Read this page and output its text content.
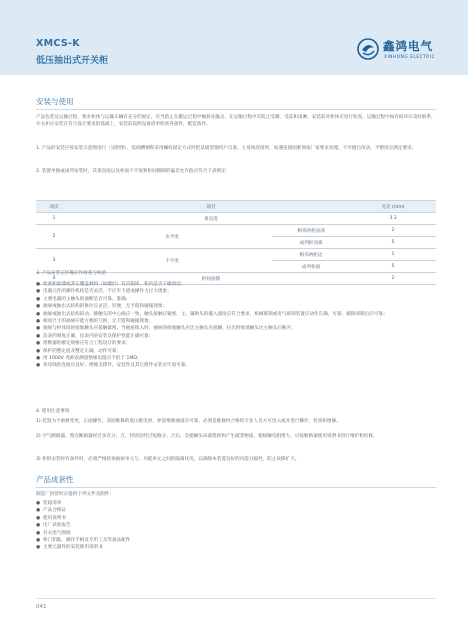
XMCS-K
低压抽出式开关柜
鑫鸿电气
XINHONG ELECTRIC
安装与使用
产品包装及运输过程，要求柜体与运输车辆有充分的固定，应当防止在搬运过程中倾斜及撞击，在运输过程中应防止受潮、受冻和雨淋，安装前对柜体应进行检查，运输过程中如有损坏应及时联系，开关柜应安装在符合设计要求的基础上，安装前按照设备清单检查各部件，配套备件。
1. 产品的安装应按安装示意图进行（见附图），基础槽钢和采用螺栓固定方式时把基础型钢用户自备，主母线连接时，如遇连接困难须按厂家要求处理，不可擅自改动，平整度应满足要求；
2. 装置单独或成列安装时，其垂直度以及柜面不平度和柜间缝隙的偏差允许值应符合下表规定：
项次	项目		允差 (mm)
1	垂直度		3.3
2	水平度	相邻两柜顶部	2
		成列柜顶部	5
3	不平度	相邻两柜边	1
		成列柜面	5
4	柜间接缝		2
3. 产品安装完毕後应作检查与检验
● 检查柜面漆或其它覆盖材料（如镀层）有否损坏，柜内是否干燥清洁；
● 电器元件的操作机构是否灵活，不应有卡涩或操作力过大现象；
● 主要电器的主触头的通断是否可靠、准确；
● 抽屉或抽出式结构的推拉应灵活，轻便，无卡阻和碰撞现象；
● 抽屉或抽出式结构的动、静触头的中心线应一致，触头接触应紧密，主、辅助头的插入深度应符合要求，机械联锁或电气联锁装置应动作正确，可靠，解除闭锁后应可靠；
● 相同尺寸的抽屉应能方便的互换，无卡阻和碰撞现象；
● 抽屉与柜体间的接地触头应接触紧密，当抽屉推入时，抽屉的接地触头应比主触头先接触，拉出时接地触头比主触头后断开；
● 仪表的刻度正确，仪表内的安装及保护性能正确可靠；
● 熔断器的额定规格应符合工程设计的要求；
● 保护的整定值及整定正确，动作可靠；
● 用 1000V 兆欧表测量绝缘电阻应不低于 1MΩ；
● 各母线的连接应良好，绝缘支撑件、安装件及其它附件安装应牢固可靠。
4. 使用注意事项
1) 装置为不重修变更，正面操作，双面维修的低压配电柜，柜前维修通道应可靠，必须是维修时合格的专业人员方可进入或并进行操作，检查和维修。
2) 空气断路器、塑壳断路器经过多次分、合，特别是经过短路分、合后，会使触头局部烧损和产生碳类物质，使接触电阻增大，应按断路器使用说明书进行维护和检修。
3) 柜组安装时有条件时，必须严格检查抽屉单元与、功能单元之间的隔离状况，以确保本装置良好的功能分隔性，防止故障扩大。
产品成套性
制造厂供货时应提供下列文件及附件：
● 装箱清单
● 产品合格证
● 使用说明书
● 出厂试验报告
● 有关电气图纸
● 柜门钥匙、操作手柄及专用工具等备品配件
● 主要元器件的安装使用说明书
041
